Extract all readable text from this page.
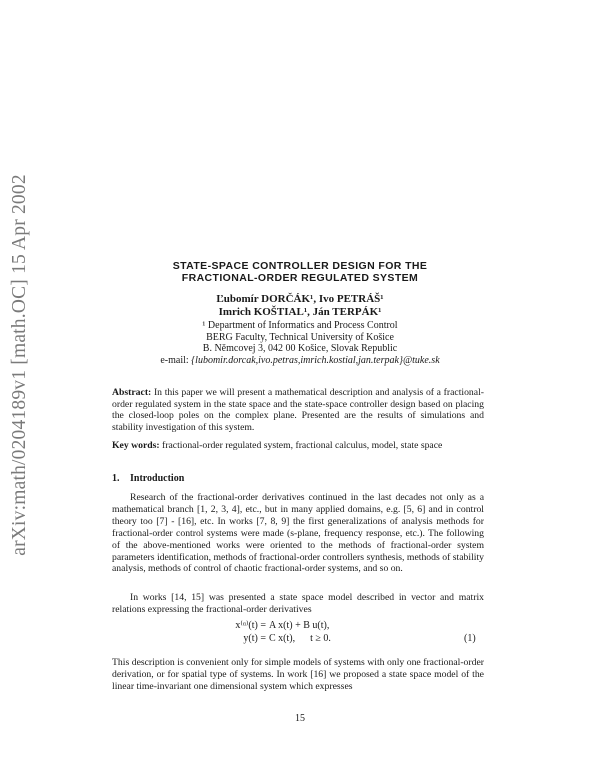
arXiv:math/0204189v1 [math.OC] 15 Apr 2002	STATE-SPACE CONTROLLER DESIGN FOR THE
FRACTIONAL-ORDER REGULATED SYSTEM
Ľubomír DORČÁK¹, Ivo PETRÁŠ¹
Imrich KOŠTIAL¹, Ján TERPÁK¹
¹ Department of Informatics and Process Control
BERG Faculty, Technical University of Košice
B. Němcovej 3, 042 00 Košice, Slovak Republic
e-mail: {lubomir.dorcak,ivo.petras,imrich.kostial,jan.terpak}@tuke.sk
Abstract: In this paper we will present a mathematical description and analysis of a fractional-order regulated system in the state space and the state-space controller design based on placing the closed-loop poles on the complex plane. Presented are the results of simulations and stability investigation of this system.
Key words: fractional-order regulated system, fractional calculus, model, state space
1. Introduction
Research of the fractional-order derivatives continued in the last decades not only as a mathematical branch [1, 2, 3, 4], etc., but in many applied domains, e.g. [5, 6] and in control theory too [7] - [16], etc. In works [7, 8, 9] the first generalizations of analysis methods for fractional-order control systems were made (s-plane, frequency response, etc.). The following of the above-mentioned works were oriented to the methods of fractional-order system parameters identification, methods of fractional-order controllers synthesis, methods of stability analysis, methods of control of chaotic fractional-order systems, and so on.
In works [14, 15] was presented a state space model described in vector and matrix relations expressing the fractional-order derivatives
x⁽ᵅ⁾(t) = A x(t) + B u(t),
y(t) = C x(t),      t ≥ 0.	(1)
This description is convenient only for simple models of systems with only one fractional-order derivation, or for spatial type of systems. In work [16] we proposed a state space model of the linear time-invariant one dimensional system which expresses
15
